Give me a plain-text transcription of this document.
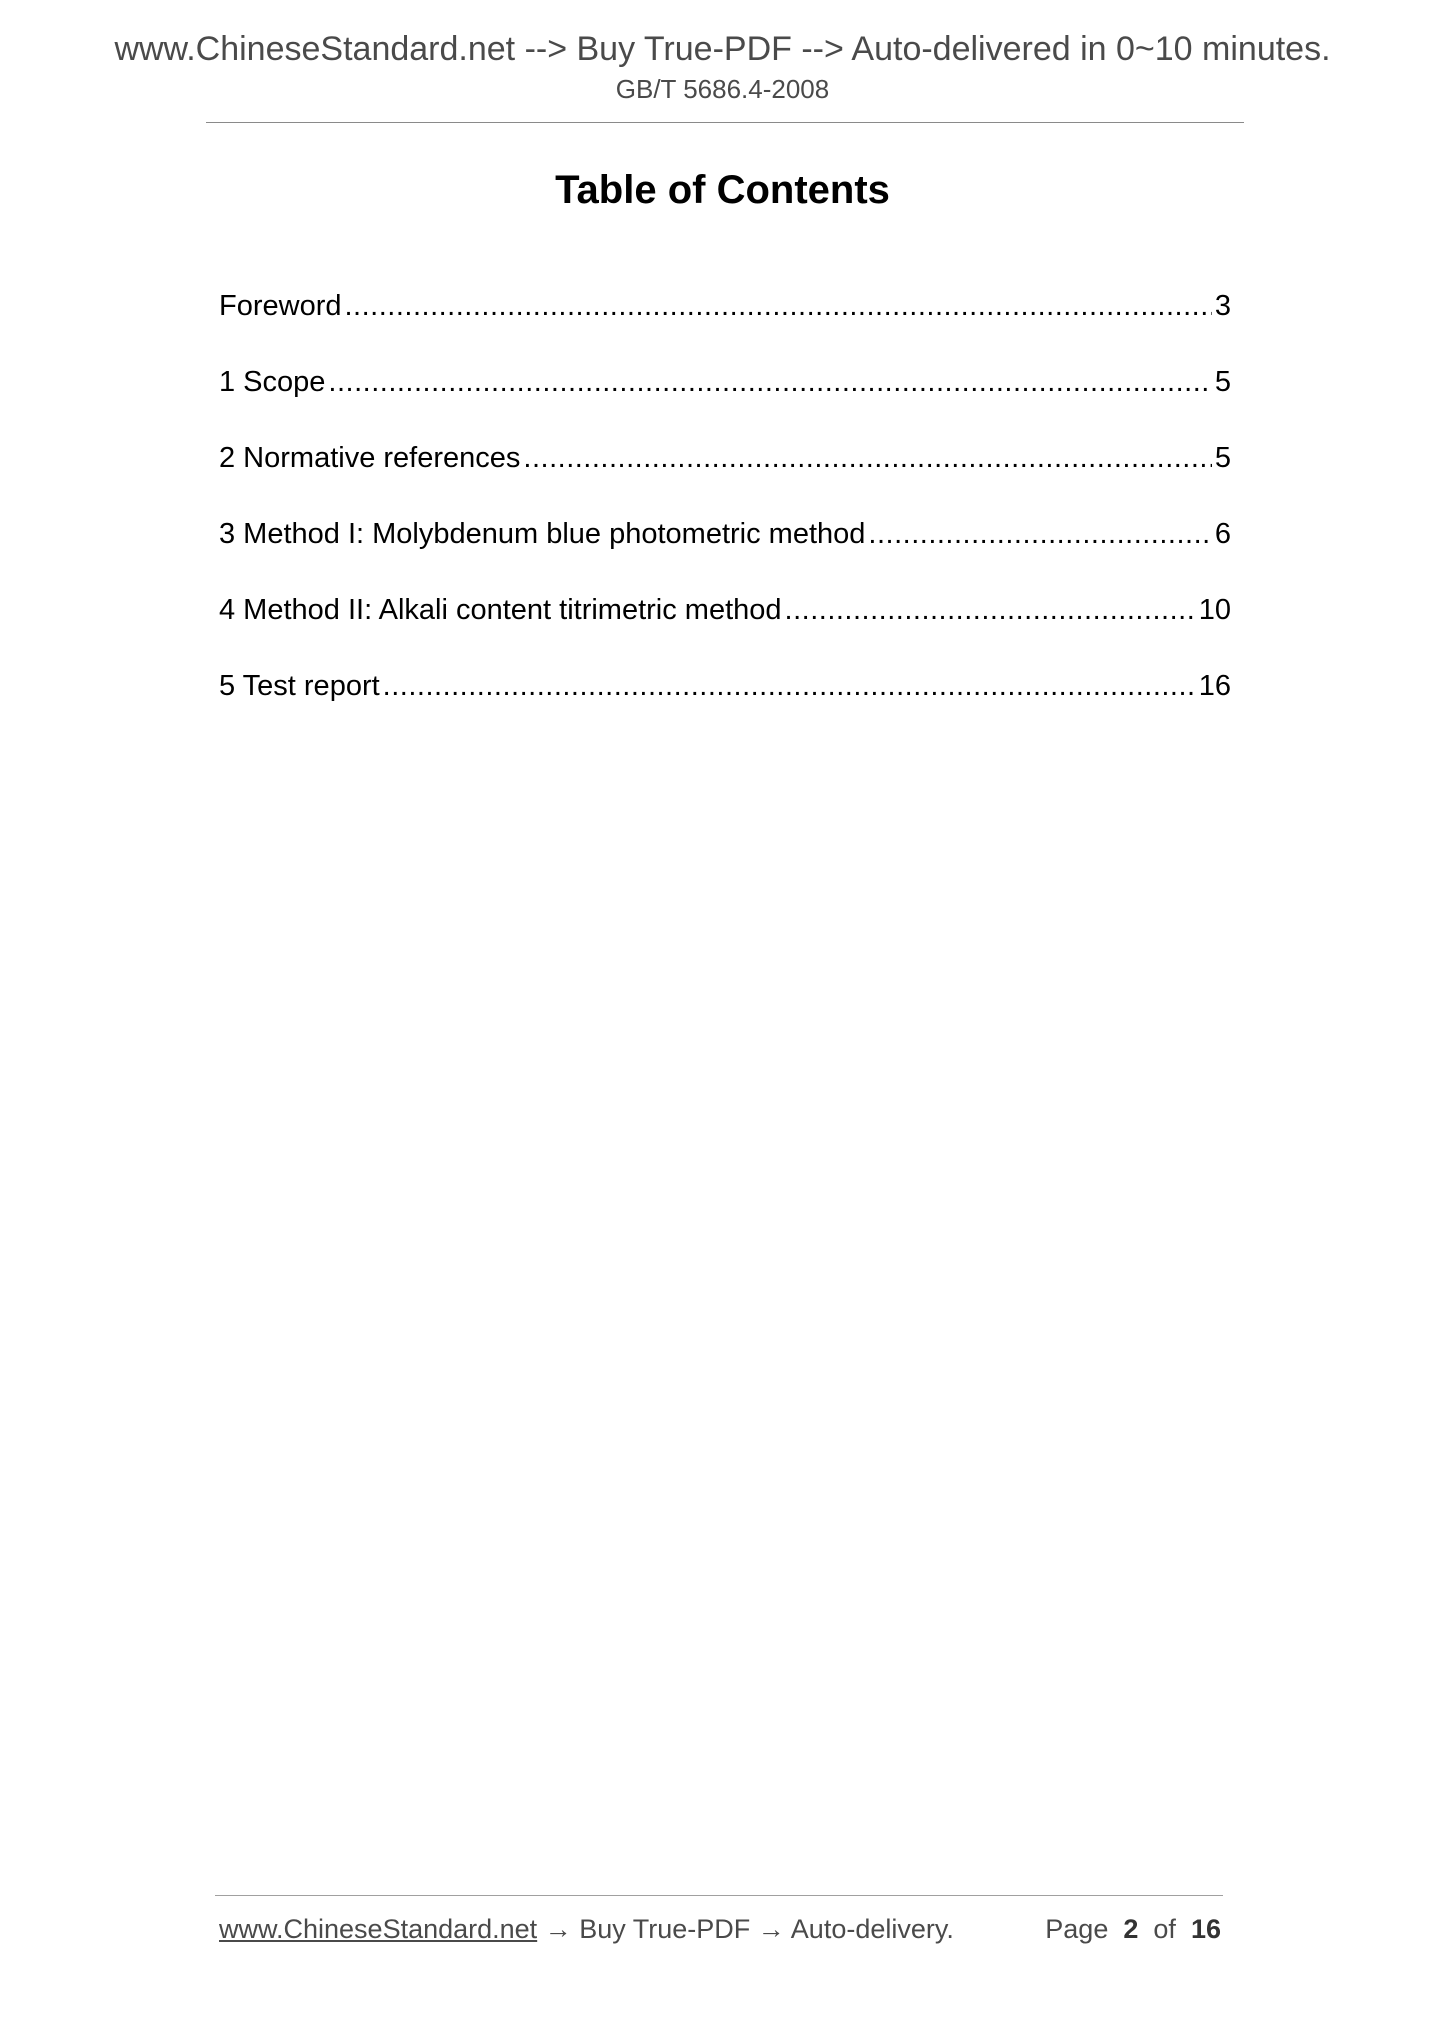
www.ChineseStandard.net --> Buy True-PDF --> Auto-delivered in 0~10 minutes.
GB/T 5686.4-2008
Table of Contents
Foreword .....	3
1 Scope .....	5
2 Normative references .....	5
3 Method I: Molybdenum blue photometric method .....	6
4 Method II: Alkali content titrimetric method .....	10
5 Test report .....	16
www.ChineseStandard.net → Buy True-PDF → Auto-delivery.	Page 2 of 16
